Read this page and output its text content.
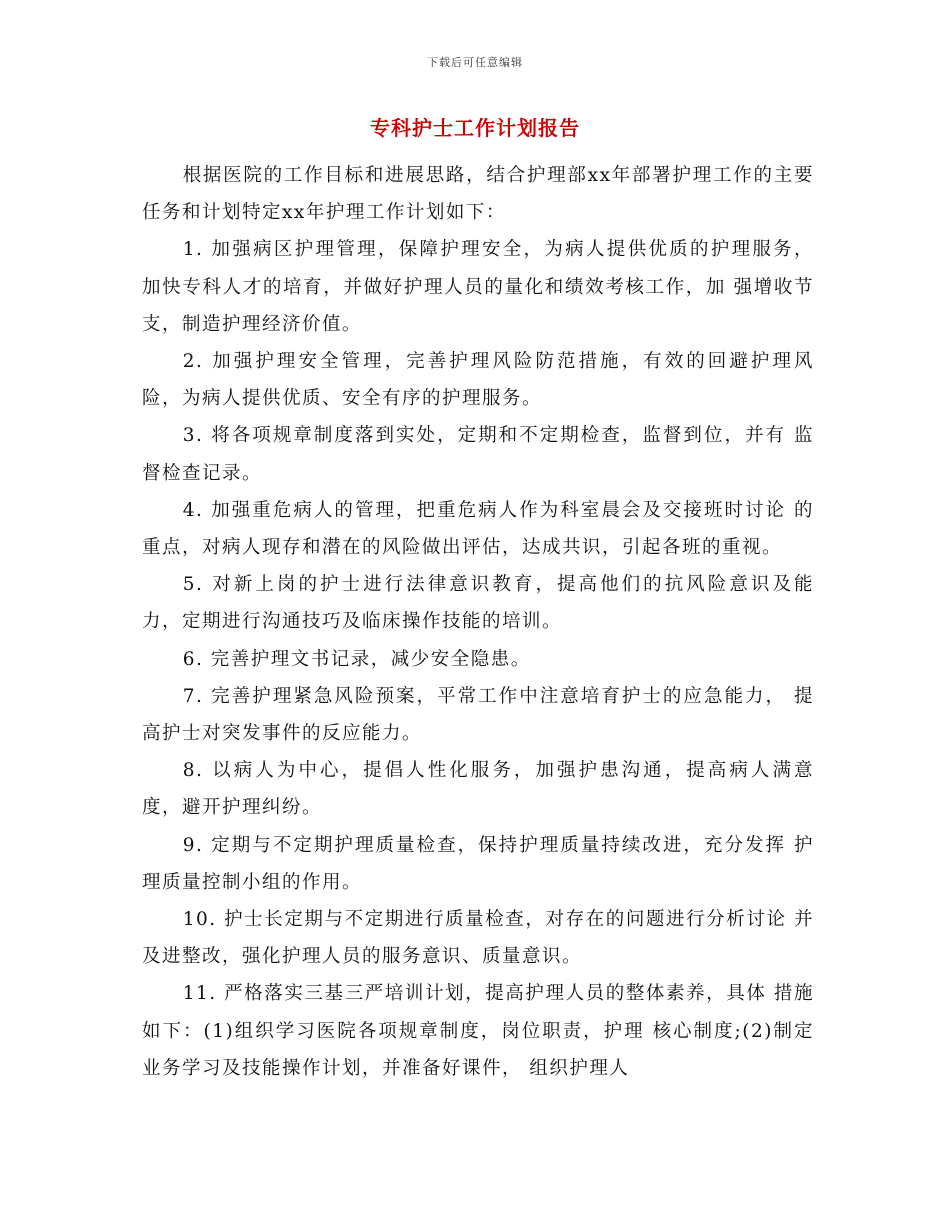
下载后可任意编辑
专科护士工作计划报告

根据医院的工作目标和进展思路，结合护理部xx年部署护理工作的主要任务和计划特定xx年护理工作计划如下：

1. 加强病区护理管理，保障护理安全，为病人提供优质的护理服务， 加快专科人才的培育，并做好护理人员的量化和绩效考核工作，加 强增收节支，制造护理经济价值。

2. 加强护理安全管理，完善护理风险防范措施，有效的回避护理风 险，为病人提供优质、安全有序的护理服务。

3. 将各项规章制度落到实处，定期和不定期检查，监督到位，并有 监督检查记录。

4. 加强重危病人的管理，把重危病人作为科室晨会及交接班时讨论 的重点，对病人现存和潜在的风险做出评估，达成共识，引起各班的重视。

5. 对新上岗的护士进行法律意识教育，提高他们的抗风险意识及能 力，定期进行沟通技巧及临床操作技能的培训。

6. 完善护理文书记录，减少安全隐患。

7. 完善护理紧急风险预案，平常工作中注意培育护士的应急能力， 提高护士对突发事件的反应能力。

8. 以病人为中心，提倡人性化服务，加强护患沟通，提高病人满意 度，避开护理纠纷。

9. 定期与不定期护理质量检查，保持护理质量持续改进，充分发挥 护理质量控制小组的作用。

10. 护士长定期与不定期进行质量检查，对存在的问题进行分析讨论 并及进整改，强化护理人员的服务意识、质量意识。

11. 严格落实三基三严培训计划，提高护理人员的整体素养，具体 措施如下：(1)组织学习医院各项规章制度，岗位职责，护理 核心制度;(2)制定业务学习及技能操作计划，并准备好课件， 组织护理人
